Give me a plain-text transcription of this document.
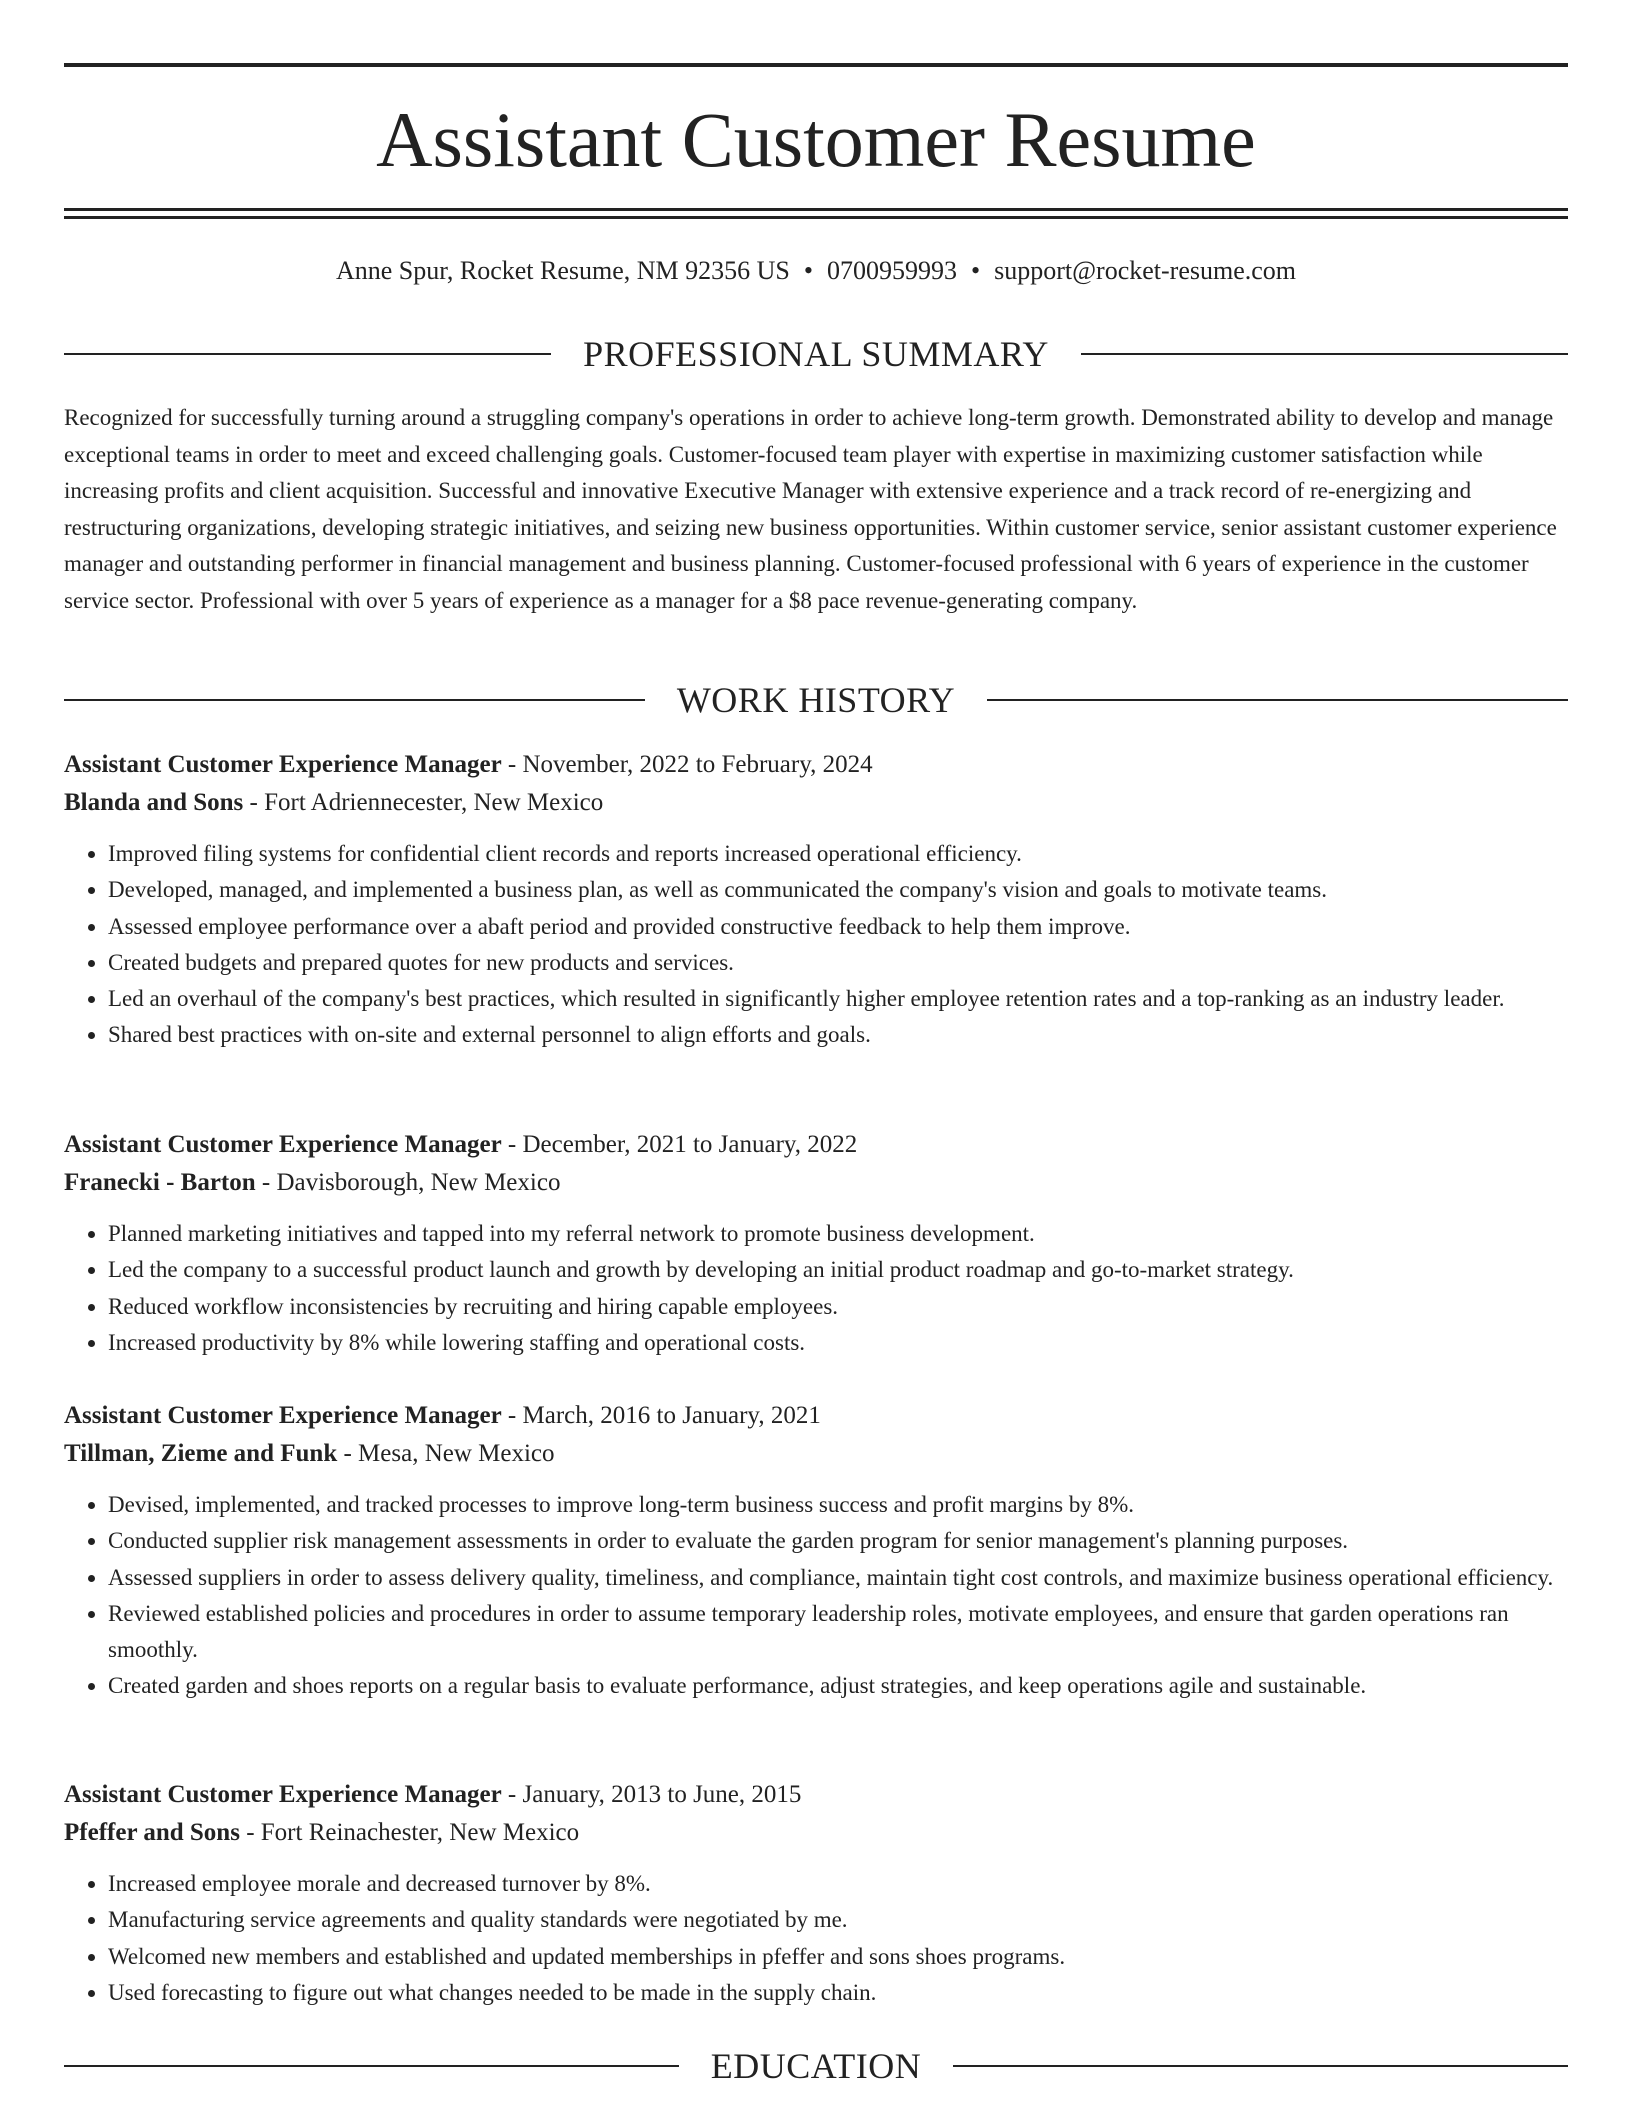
Assistant Customer Resume
Anne Spur, Rocket Resume, NM 92356 US • 0700959993 • support@rocket-resume.com
PROFESSIONAL SUMMARY

Recognized for successfully turning around a struggling company's operations in order to achieve long-term growth. Demonstrated ability to develop and manage exceptional teams in order to meet and exceed challenging goals. Customer-focused team player with expertise in maximizing customer satisfaction while increasing profits and client acquisition. Successful and innovative Executive Manager with extensive experience and a track record of re-energizing and restructuring organizations, developing strategic initiatives, and seizing new business opportunities. Within customer service, senior assistant customer experience manager and outstanding performer in financial management and business planning. Customer-focused professional with 6 years of experience in the customer service sector. Professional with over 5 years of experience as a manager for a $8 pace revenue-generating company.

WORK HISTORY

Assistant Customer Experience Manager - November, 2022 to February, 2024

Blanda and Sons - Fort Adriennecester, New Mexico

• Improved filing systems for confidential client records and reports increased operational efficiency.
• Developed, managed, and implemented a business plan, as well as communicated the company's vision and goals to motivate teams.
• Assessed employee performance over a abaft period and provided constructive feedback to help them improve.
• Created budgets and prepared quotes for new products and services.
• Led an overhaul of the company's best practices, which resulted in significantly higher employee retention rates and a top-ranking as an industry leader.
• Shared best practices with on-site and external personnel to align efforts and goals.

Assistant Customer Experience Manager - December, 2021 to January, 2022

Franecki - Barton - Davisborough, New Mexico

• Planned marketing initiatives and tapped into my referral network to promote business development.
• Led the company to a successful product launch and growth by developing an initial product roadmap and go-to-market strategy.
• Reduced workflow inconsistencies by recruiting and hiring capable employees.
• Increased productivity by 8% while lowering staffing and operational costs.

Assistant Customer Experience Manager - March, 2016 to January, 2021

Tillman, Zieme and Funk - Mesa, New Mexico

• Devised, implemented, and tracked processes to improve long-term business success and profit margins by 8%.
• Conducted supplier risk management assessments in order to evaluate the garden program for senior management's planning purposes.
• Assessed suppliers in order to assess delivery quality, timeliness, and compliance, maintain tight cost controls, and maximize business operational efficiency.
• Reviewed established policies and procedures in order to assume temporary leadership roles, motivate employees, and ensure that garden operations ran smoothly.
• Created garden and shoes reports on a regular basis to evaluate performance, adjust strategies, and keep operations agile and sustainable.

Assistant Customer Experience Manager - January, 2013 to June, 2015

Pfeffer and Sons - Fort Reinachester, New Mexico

• Increased employee morale and decreased turnover by 8%.
• Manufacturing service agreements and quality standards were negotiated by me.
• Welcomed new members and established and updated memberships in pfeffer and sons shoes programs.
• Used forecasting to figure out what changes needed to be made in the supply chain.
EDUCATION
